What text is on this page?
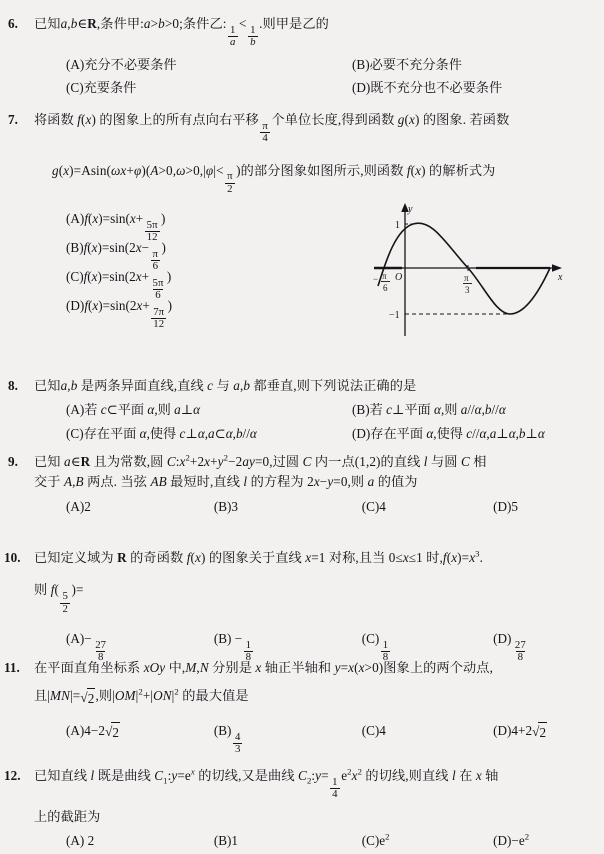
6. 已知a,b∈R,条件甲:a>b>0;条件乙:
$\frac{1}{a}$
<
$\frac{1}{b}$
.则甲是乙的
(A)充分不必要条件	(B)必要不充分条件
(C)充要条件	(D)既不充分也不必要条件
7. 将函数 f(x) 的图象上的所有点向右平移
$\frac{\pi}{4}$
个单位长度,得到函数 g(x) 的图象. 若函数
g(x)=Asin(ωx+φ)(A>0,ω>0,|φ|<
$\frac{\pi}{2}$
)的部分图象如图所示,则函数 f(x) 的解析式为
(A)f(x)=sin(x+
$\frac{5\pi}{12}$
)
(B)f(x)=sin(2x−
$\frac{\pi}{6}$
)
(C)f(x)=sin(2x+
$\frac{5\pi}{6}$
)
(D)f(x)=sin(2x+
$\frac{7\pi}{12}$
)
y
x
O
1
−1
− π
6
π
3
8. 已知a,b 是两条异面直线,直线 c 与 a,b 都垂直,则下列说法正确的是
(A)若 c⊂平面 α,则 a⊥α	(B)若 c⊥平面 α,则 a//α,b//α
(C)存在平面 α,使得 c⊥α,a⊂α,b//α	(D)存在平面 α,使得 c//α,a⊥α,b⊥α
9. 已知 a∈R 且为常数,圆 $C:x^2+2x+y^2-2ay=0$,过圆 C 内一点(1,2)的直线 l 与圆 C 相
交于 A,B 两点. 当弦 AB 最短时,直线 l 的方程为 2x−y=0,则 a 的值为
(A)2	(B)3	(C)4	(D)5
10. 已知定义域为 R 的奇函数 f(x) 的图象关于直线 x=1 对称,且当 0≤x≤1 时$,f(x)=x^3$.
则 f(
$\frac{5}{2}$
)=
(A)−
$\frac{27}{8}$
(B) −
$\frac{1}{8}$
(C)
$\frac{1}{8}$
(D)
$\frac{27}{8}$
11. 在平面直角坐标系 xOy 中,M,N 分别是 x 轴正半轴和 y=x(x>0)图象上的两个动点,
且|MN|= √ 2 ,则$|OM|^2+|ON|^2$ 的最大值是
(A)4−2 √ 2	(B)
$\frac{4}{3}$
(C)4	(D)4+2 √ 2
12. 已知直线 l 既是曲线 $C_1:y=e^x$ 的切线,又是曲线 $C_2:y=$
$\frac{1}{4}$
$e^2x^2$ 的切线,则直线 l 在 x 轴
上的截距为
(A) 2	(B)1	$(C)e^2$	$(D)-e^2$
